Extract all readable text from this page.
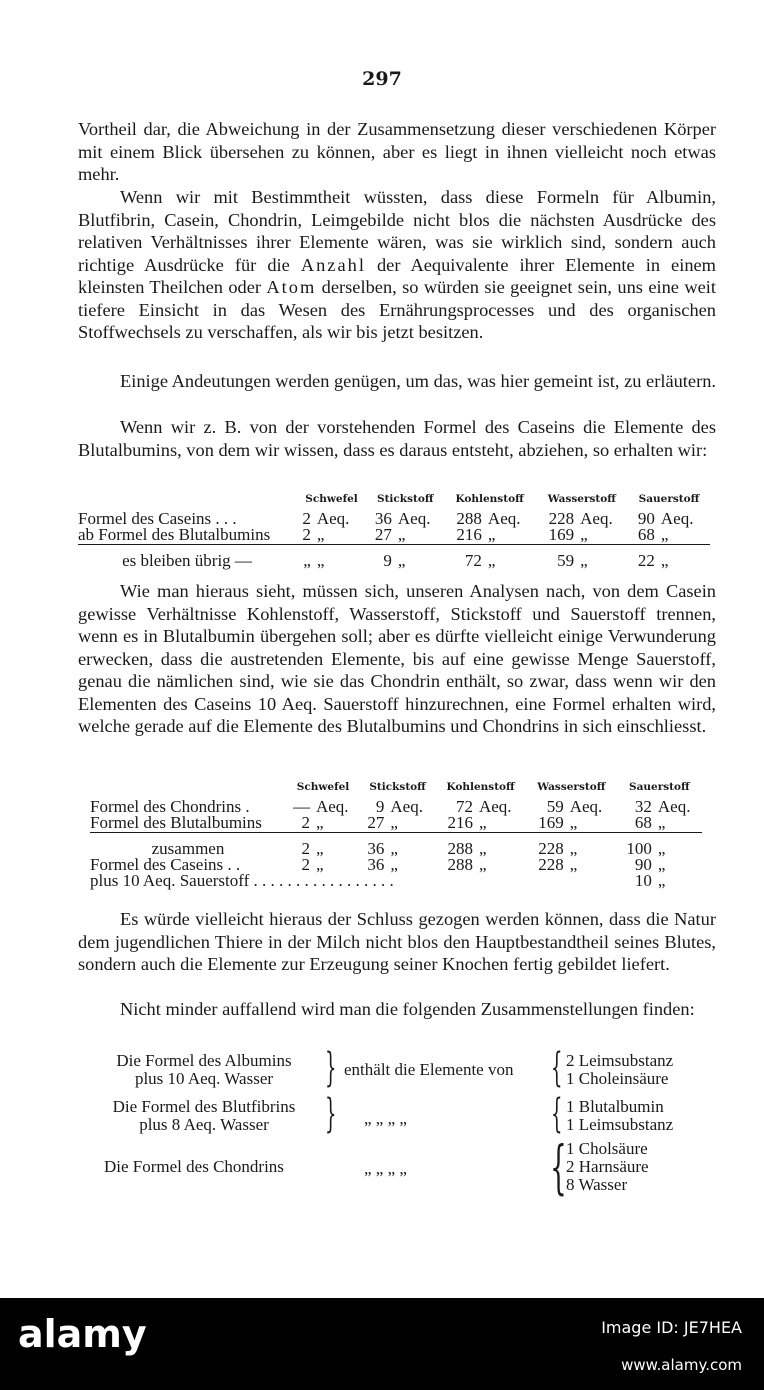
297
Vortheil dar, die Abweichung in der Zusammensetzung dieser verschiedenen Körper mit einem Blick übersehen zu können, aber es liegt in ihnen vielleicht noch etwas mehr.
Wenn wir mit Bestimmtheit wüssten, dass diese Formeln für Albumin, Blutfibrin, Casein, Chondrin, Leimgebilde nicht blos die nächsten Ausdrücke des relativen Verhältnisses ihrer Elemente wären, was sie wirklich sind, sondern auch richtige Ausdrücke für die Anzahl der Aequivalente ihrer Elemente in einem kleinsten Theilchen oder Atom derselben, so würden sie geeignet sein, uns eine weit tiefere Einsicht in das Wesen des Ernährungsprocesses und des organischen Stoffwechsels zu verschaffen, als wir bis jetzt besitzen.
Einige Andeutungen werden genügen, um das, was hier gemeint ist, zu erläutern.
Wenn wir z. B. von der vorstehenden Formel des Caseins die Elemente des Blutalbumins, von dem wir wissen, dass es daraus entsteht, abziehen, so erhalten wir:
	Schwefel		Stickstoff		Kohlenstoff		Wasserstoff		Sauerstoff	
Formel des Caseins . . .	2	Aeq.	36	Aeq.	288	Aeq.	228	Aeq.	90	Aeq.
ab Formel des Blutalbumins	2	„	27	„	216	„	169	„	68	„
es bleiben übrig —	„	„	9	„	72	„	59	„	22	„
Wie man hieraus sieht, müssen sich, unseren Analysen nach, von dem Casein gewisse Verhältnisse Kohlenstoff, Wasserstoff, Stickstoff und Sauerstoff trennen, wenn es in Blutalbumin übergehen soll; aber es dürfte vielleicht einige Verwunderung erwecken, dass die austretenden Elemente, bis auf eine gewisse Menge Sauerstoff, genau die nämlichen sind, wie sie das Chondrin enthält, so zwar, dass wenn wir den Elementen des Caseins 10 Aeq. Sauerstoff hinzurechnen, eine Formel erhalten wird, welche gerade auf die Elemente des Blutalbumins und Chondrins in sich einschliesst.
	Schwefel		Stickstoff		Kohlenstoff		Wasserstoff		Sauerstoff	
Formel des Chondrins .	—	Aeq.	9	Aeq.	72	Aeq.	59	Aeq.	32	Aeq.
Formel des Blutalbumins	2	„	27	„	216	„	169	„	68	„
zusammen	2	„	36	„	288	„	228	„	100	„
Formel des Caseins . .	2	„	36	„	288	„	228	„	90	„
plus 10 Aeq. Sauerstoff . . . . . . . . . . . . . . . . .									10	„
Es würde vielleicht hieraus der Schluss gezogen werden können, dass die Natur dem jugendlichen Thiere in der Milch nicht blos den Hauptbestandtheil seines Blutes, sondern auch die Elemente zur Erzeugung seiner Knochen fertig gebildet liefert.
Nicht minder auffallend wird man die folgenden Zusammenstellungen finden:
Die Formel des Albumins
plus 10 Aeq. Wasser	} enthält die Elemente von { 2 Leimsubstanz
1 Choleinsäure
Die Formel des Blutfibrins
plus 8 Aeq. Wasser	} „ „ „ „	{ 1 Blutalbumin
1 Leimsubstanz
Die Formel des Chondrins	„ „ „ „ { 1 Cholsäure
2 Harnsäure
8 Wasser
alamy	Image ID: JE7HEA
www.alamy.com
